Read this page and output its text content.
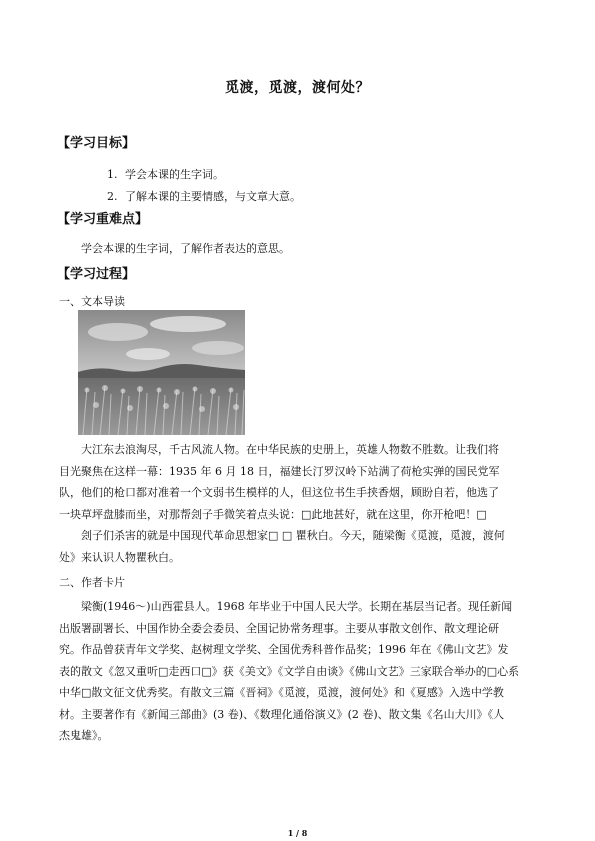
觅渡，觅渡，渡何处？
【学习目标】
1. 学会本课的生字词。
2. 了解本课的主要情感，与文章大意。
【学习重难点】
学会本课的生字词，了解作者表达的意思。
【学习过程】
一、文本导读
大江东去浪淘尽，千古风流人物。在中华民族的史册上，英雄人物数不胜数。让我们将
目光聚焦在这样一幕：1935 年 6 月 18 日，福建长汀罗汉岭下站满了荷枪实弹的国民党军
队，他们的枪口都对准着一个文弱书生模样的人，但这位书生手挟香烟，顾盼自若，他选了
一块草坪盘膝而坐，对那帮刽子手微笑着点头说：□此地甚好，就在这里，你开枪吧！□
刽子们杀害的就是中国现代革命思想家□ □ 瞿秋白。今天，随梁衡《觅渡，觅渡，渡何
处》来认识人物瞿秋白。
二、作者卡片
梁衡(1946～)山西霍县人。1968 年毕业于中国人民大学。长期在基层当记者。现任新闻
出版署副署长、中国作协全委会委员、全国记协常务理事。主要从事散文创作、散文理论研
究。作品曾获青年文学奖、赵树理文学奖、全国优秀科普作品奖；1996 年在《佛山文艺》发
表的散文《忽又重听□走西口□》获《美文》《文学自由谈》《佛山文艺》三家联合举办的□心系
中华□散文征文优秀奖。有散文三篇《晋祠》《觅渡，觅渡，渡何处》和《夏感》入选中学教
材。主要著作有《新闻三部曲》(3 卷)、《数理化通俗演义》(2 卷)、散文集《名山大川》《人
杰鬼雄》。
1 / 8
